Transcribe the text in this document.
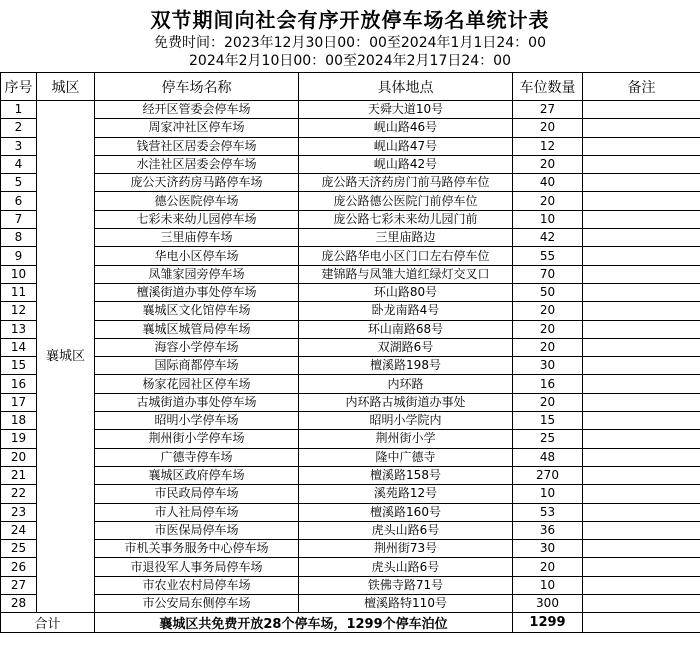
双节期间向社会有序开放停车场名单统计表
免费时间：2023年12月30日00：00至2024年1月1日24：00
2024年2月10日00：00至2024年2月17日24：00
序号	城区	停车场名称	具体地点	车位数量	备注
1	襄城区	经开区管委会停车场	天舜大道10号	27	
2		周家冲社区停车场	岘山路46号	20	
3		钱营社区居委会停车场	岘山路47号	12	
4		水洼社区居委会停车场	岘山路42号	20	
5		庞公天济药房马路停车场	庞公路天济药房门前马路停车位	40	
6		德公医院停车场	庞公路德公医院门前停车位	20	
7		七彩未来幼儿园停车场	庞公路七彩未来幼儿园门前	10	
8		三里庙停车场	三里庙路边	42	
9		华电小区停车场	庞公路华电小区门口左右停车位	55	
10		凤雏家园旁停车场	建锦路与凤雏大道红绿灯交叉口	70	
11		檀溪街道办事处停车场	环山路80号	50	
12		襄城区文化馆停车场	卧龙南路4号	20	
13		襄城区城管局停车场	环山南路68号	20	
14		海容小学停车场	双湖路6号	20	
15		国际商都停车场	檀溪路198号	30	
16		杨家花园社区停车场	内环路	16	
17		古城街道办事处停车场	内环路古城街道办事处	20	
18		昭明小学停车场	昭明小学院内	15	
19		荆州街小学停车场	荆州街小学	25	
20		广德寺停车场	隆中广德寺	48	
21		襄城区政府停车场	檀溪路158号	270	
22		市民政局停车场	溪苑路12号	10	
23		市人社局停车场	檀溪路160号	53	
24		市医保局停车场	虎头山路6号	36	
25		市机关事务服务中心停车场	荆州街73号	30	
26		市退役军人事务局停车场	虎头山路6号	20	
27		市农业农村局停车场	铁佛寺路71号	10	
28		市公安局东侧停车场	檀溪路特110号	300	
合计		襄城区共免费开放28个停车场，1299个停车泊位		1299	
